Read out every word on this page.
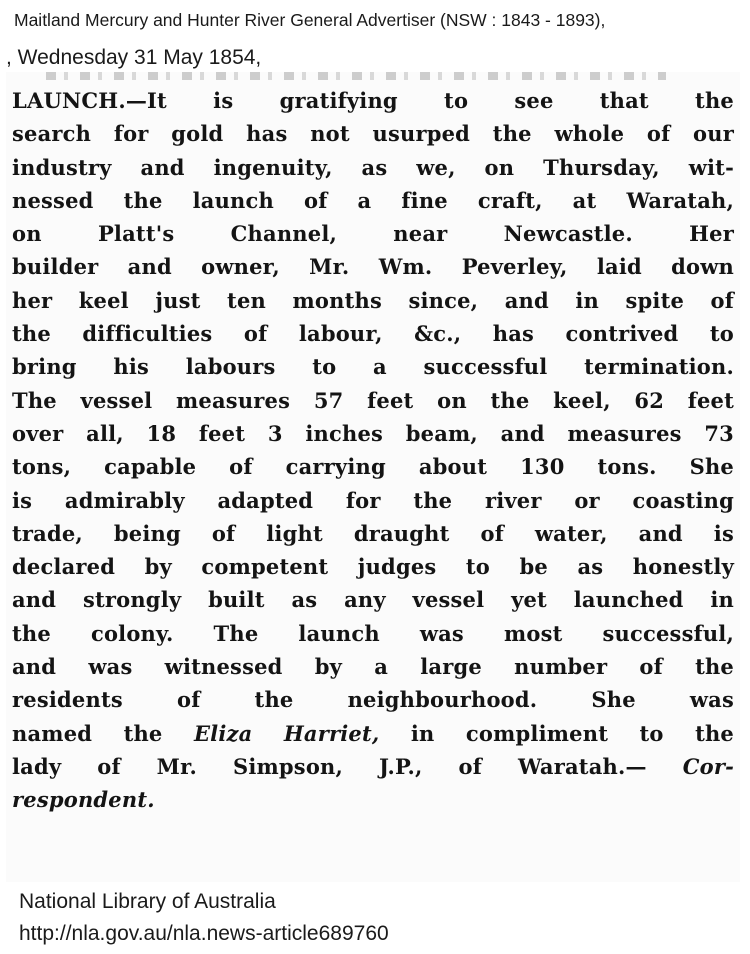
Maitland Mercury and Hunter River General Advertiser (NSW : 1843 - 1893),
, Wednesday 31 May 1854,
LAUNCH.—It is gratifying to see that the
search for gold has not usurped the whole of our
industry and ingenuity, as we, on Thursday, wit-
nessed the launch of a fine craft, at Waratah,
on Platt's Channel, near Newcastle. Her
builder and owner, Mr. Wm. Peverley, laid down
her keel just ten months since, and in spite of
the difficulties of labour, &c., has contrived to
bring his labours to a successful termination.
The vessel measures 57 feet on the keel, 62 feet
over all, 18 feet 3 inches beam, and measures 73
tons, capable of carrying about 130 tons. She
is admirably adapted for the river or coasting
trade, being of light draught of water, and is
declared by competent judges to be as honestly
and strongly built as any vessel yet launched in
the colony. The launch was most successful,
and was witnessed by a large number of the
residents of the neighbourhood. She was
named the Eliza Harriet, in compliment to the
lady of Mr. Simpson, J.P., of Waratah.— Cor-
respondent.
National Library of Australia
http://nla.gov.au/nla.news-article689760
